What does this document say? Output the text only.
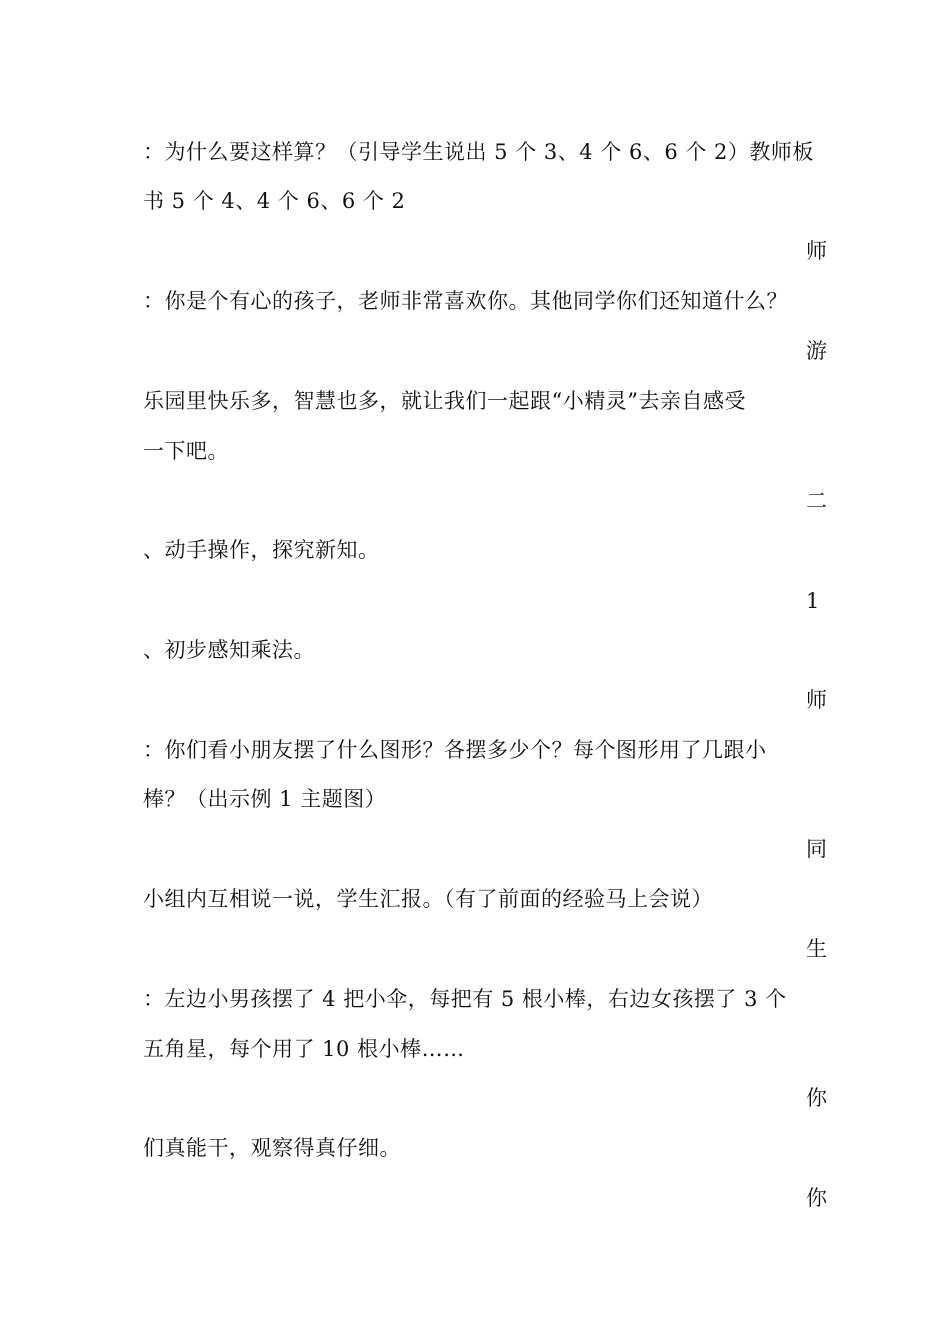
：为什么要这样算？（引导学生说出 5 个 3、4 个 6、6 个 2）教师板
书 5 个 4、4 个 6、6 个 2
师
：你是个有心的孩子，老师非常喜欢你。其他同学你们还知道什么？
游
乐园里快乐多，智慧也多，就让我们一起跟“小精灵”去亲自感受
一下吧。
二
、动手操作，探究新知。
1
、初步感知乘法。
师
：你们看小朋友摆了什么图形？各摆多少个？每个图形用了几跟小
棒？（出示例 1 主题图）
同
小组内互相说一说，学生汇报。（有了前面的经验马上会说）
生
：左边小男孩摆了 4 把小伞，每把有 5 根小棒，右边女孩摆了 3 个
五角星，每个用了 10 根小棒……
你
们真能干，观察得真仔细。
你
